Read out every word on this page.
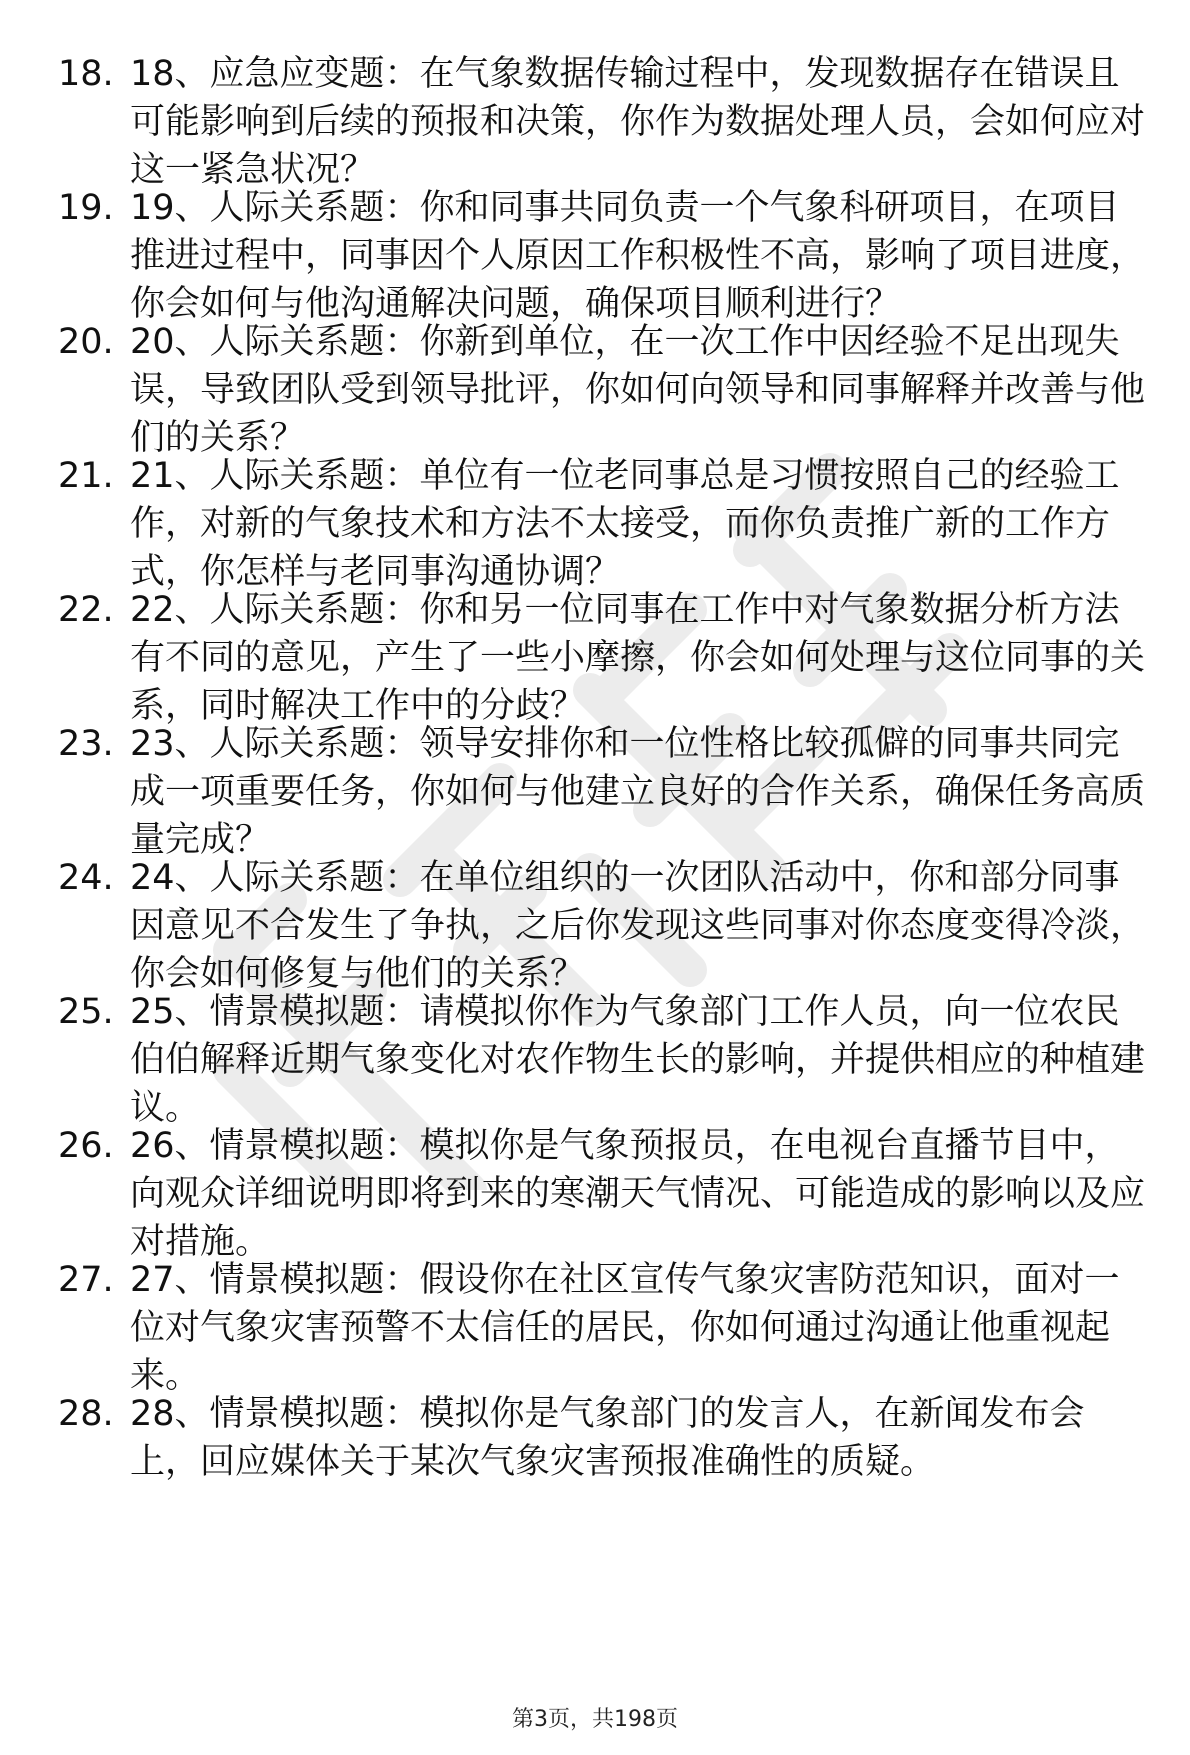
18. 18、应急应变题：在气象数据传输过程中，发现数据存在错误且可能影响到后续的预报和决策，你作为数据处理人员，会如何应对这一紧急状况？
19. 19、人际关系题：你和同事共同负责一个气象科研项目，在项目推进过程中，同事因个人原因工作积极性不高，影响了项目进度，你会如何与他沟通解决问题，确保项目顺利进行？
20. 20、人际关系题：你新到单位，在一次工作中因经验不足出现失误，导致团队受到领导批评，你如何向领导和同事解释并改善与他们的关系？
21. 21、人际关系题：单位有一位老同事总是习惯按照自己的经验工作，对新的气象技术和方法不太接受，而你负责推广新的工作方式，你怎样与老同事沟通协调？
22. 22、人际关系题：你和另一位同事在工作中对气象数据分析方法有不同的意见，产生了一些小摩擦，你会如何处理与这位同事的关系，同时解决工作中的分歧？
23. 23、人际关系题：领导安排你和一位性格比较孤僻的同事共同完成一项重要任务，你如何与他建立良好的合作关系，确保任务高质量完成？
24. 24、人际关系题：在单位组织的一次团队活动中，你和部分同事因意见不合发生了争执，之后你发现这些同事对你态度变得冷淡，你会如何修复与他们的关系？
25. 25、情景模拟题：请模拟你作为气象部门工作人员，向一位农民伯伯解释近期气象变化对农作物生长的影响，并提供相应的种植建议。
26. 26、情景模拟题：模拟你是气象预报员，在电视台直播节目中，向观众详细说明即将到来的寒潮天气情况、可能造成的影响以及应对措施。
27. 27、情景模拟题：假设你在社区宣传气象灾害防范知识，面对一位对气象灾害预警不太信任的居民，你如何通过沟通让他重视起来。
28. 28、情景模拟题：模拟你是气象部门的发言人，在新闻发布会上，回应媒体关于某次气象灾害预报准确性的质疑。
第3页，共198页
